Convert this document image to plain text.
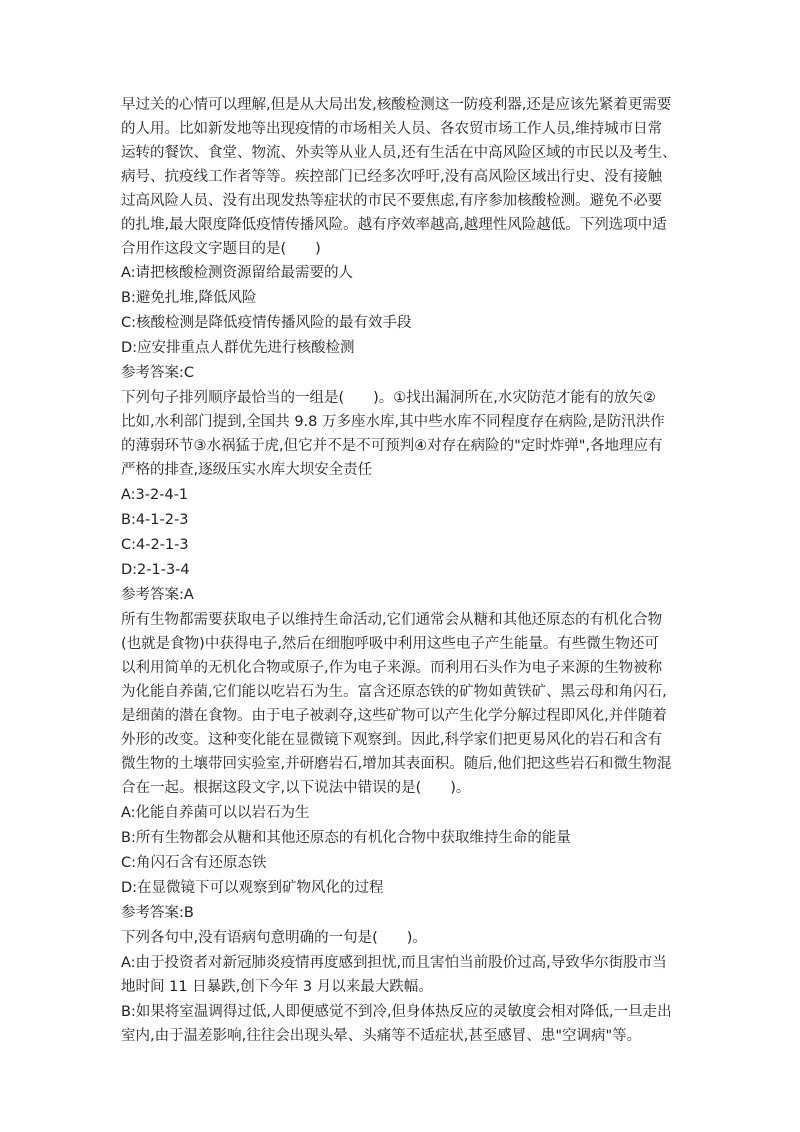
早过关的心情可以理解,但是从大局出发,核酸检测这一防疫利器,还是应该先紧着更需要
的人用。比如新发地等出现疫情的市场相关人员、各农贸市场工作人员,维持城市日常
运转的餐饮、食堂、物流、外卖等从业人员,还有生活在中高风险区域的市民以及考生、
病号、抗疫线工作者等等。疾控部门已经多次呼吁,没有高风险区域出行史、没有接触
过高风险人员、没有出现发热等症状的市民不要焦虑,有序参加核酸检测。避免不必要
的扎堆,最大限度降低疫情传播风险。越有序效率越高,越理性风险越低。下列选项中适
合用作这段文字题目的是(　　)
A:请把核酸检测资源留给最需要的人
B:避免扎堆,降低风险
C:核酸检测是降低疫情传播风险的最有效手段
D:应安排重点人群优先进行核酸检测
参考答案:C
下列句子排列顺序最恰当的一组是(　　)。①找出漏洞所在,水灾防范才能有的放矢②
比如,水利部门提到,全国共 9.8 万多座水库,其中些水库不同程度存在病险,是防汛洪作
的薄弱环节③水祸猛于虎,但它并不是不可预判④对存在病险的"定时炸弹",各地理应有
严格的排查,逐级压实水库大坝安全责任
A:3-2-4-1
B:4-1-2-3
C:4-2-1-3
D:2-1-3-4
参考答案:A
所有生物都需要获取电子以维持生命活动,它们通常会从糖和其他还原态的有机化合物
(也就是食物)中获得电子,然后在细胞呼吸中利用这些电子产生能量。有些微生物还可
以利用简单的无机化合物或原子,作为电子来源。而利用石头作为电子来源的生物被称
为化能自养菌,它们能以吃岩石为生。富含还原态铁的矿物如黄铁矿、黑云母和角闪石,
是细菌的潜在食物。由于电子被剥夺,这些矿物可以产生化学分解过程即风化,并伴随着
外形的改变。这种变化能在显微镜下观察到。因此,科学家们把更易风化的岩石和含有
微生物的土壤带回实验室,并研磨岩石,增加其表面积。随后,他们把这些岩石和微生物混
合在一起。根据这段文字,以下说法中错误的是(　　)。
A:化能自养菌可以以岩石为生
B:所有生物都会从糖和其他还原态的有机化合物中获取维持生命的能量
C:角闪石含有还原态铁
D:在显微镜下可以观察到矿物风化的过程
参考答案:B
下列各句中,没有语病句意明确的一句是(　　)。
A:由于投资者对新冠肺炎疫情再度感到担忧,而且害怕当前股价过高,导致华尔街股市当
地时间 11 日暴跌,创下今年 3 月以来最大跌幅。
B:如果将室温调得过低,人即便感觉不到冷,但身体热反应的灵敏度会相对降低,一旦走出
室内,由于温差影响,往往会出现头晕、头痛等不适症状,甚至感冒、患"空调病"等。
